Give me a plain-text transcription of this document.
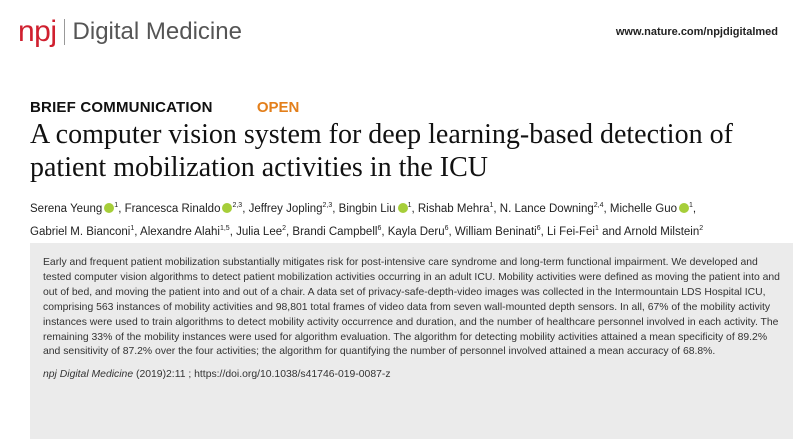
npj Digital Medicine	www.nature.com/npjdigitalmed
BRIEF COMMUNICATION	OPEN
A computer vision system for deep learning-based detection of patient mobilization activities in the ICU
Serena Yeung $^1$, Francesca Rinaldo $^{2,3}$, Jeffrey Jopling$^{2,3}$, Bingbin Liu $^1$, Rishab Mehra$^1$, N. Lance Downing$^{2,4}$, Michelle Guo $^1$, Gabriel M. Bianconi$^1$, Alexandre Alahi$^{1,5}$, Julia Lee$^2$, Brandi Campbell$^6$, Kayla Deru$^6$, William Beninati$^6$, Li Fei-Fei$^1$ and Arnold Milstein$^2$

Early and frequent patient mobilization substantially mitigates risk for post-intensive care syndrome and long-term functional impairment. We developed and tested computer vision algorithms to detect patient mobilization activities occurring in an adult ICU. Mobility activities were defined as moving the patient into and out of bed, and moving the patient into and out of a chair. A data set of privacy-safe-depth-video images was collected in the Intermountain LDS Hospital ICU, comprising 563 instances of mobility activities and 98,801 total frames of video data from seven wall-mounted depth sensors. In all, 67% of the mobility activity instances were used to train algorithms to detect mobility activity occurrence and duration, and the number of healthcare personnel involved in each activity. The remaining 33% of the mobility instances were used for algorithm evaluation. The algorithm for detecting mobility activities attained a mean specificity of 89.2% and sensitivity of 87.2% over the four activities; the algorithm for quantifying the number of personnel involved attained a mean accuracy of 68.8%.

npj Digital Medicine (2019)2:11 ; https://doi.org/10.1038/s41746-019-0087-z
